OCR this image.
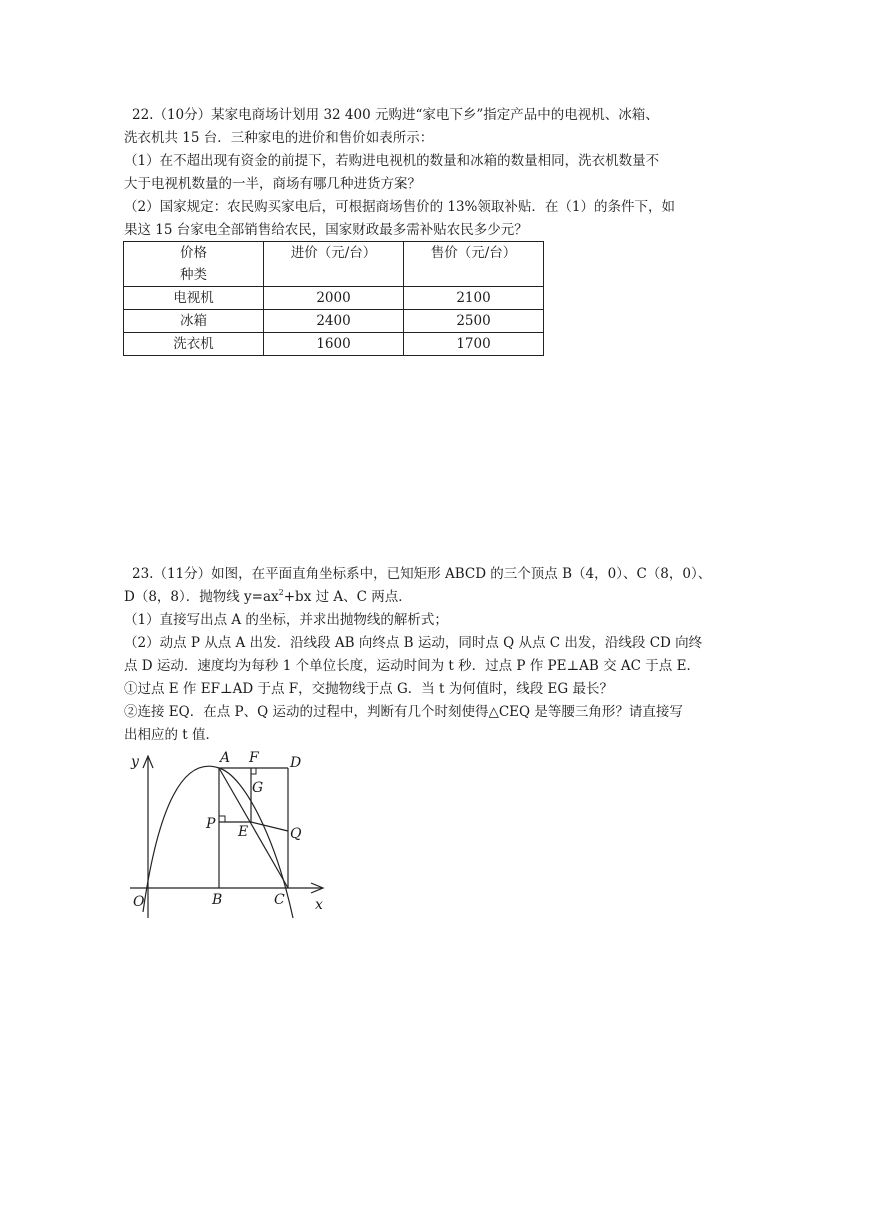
22.（10分）某家电商场计划用 32 400 元购进“家电下乡”指定产品中的电视机、冰箱、
洗衣机共 15 台．三种家电的进价和售价如表所示：
（1）在不超出现有资金的前提下，若购进电视机的数量和冰箱的数量相同，洗衣机数量不
大于电视机数量的一半，商场有哪几种进货方案？
（2）国家规定：农民购买家电后，可根据商场售价的 13%领取补贴．在（1）的条件下，如
果这 15 台家电全部销售给农民，国家财政最多需补贴农民多少元？
价格
种类	进价（元/台）	售价（元/台）
电视机	2000	2100
冰箱	2400	2500
洗衣机	1600	1700
23.（11分）如图，在平面直角坐标系中，已知矩形 ABCD 的三个顶点 B（4，0）、C（8，0）、
D（8，8）．抛物线 $y=ax^2+bx$ 过 A、C 两点．
（1）直接写出点 A 的坐标，并求出抛物线的解析式；
（2）动点 P 从点 A 出发．沿线段 AB 向终点 B 运动，同时点 Q 从点 C 出发，沿线段 CD 向终
点 D 运动．速度均为每秒 1 个单位长度，运动时间为 t 秒．过点 P 作 PE⊥AB 交 AC 于点 E．
①过点 E 作 EF⊥AD 于点 F，交抛物线于点 G．当 t 为何值时，线段 EG 最长？
②连接 EQ．在点 P、Q 运动的过程中，判断有几个时刻使得△CEQ 是等腰三角形？请直接写
出相应的 t 值．
y
x
O
A
B	C
D
F
G
P E	Q
